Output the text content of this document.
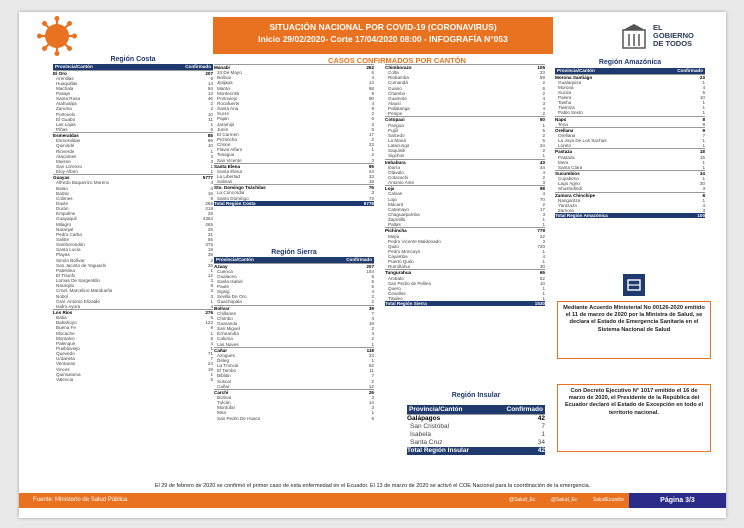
SITUACIÓN NACIONAL POR COVID-19 (CORONAVIRUS)
Inicio 29/02/2020- Corte 17/04/2020 08:00 - INFOGRAFÍA N°053
EL
GOBIERNO
DE TODOS
CASOS CONFIRMADOS POR CANTÓN
Región Costa
Región Sierra
Región Amazónica
Región Insular
Provincia/Cantón	Confirmado
El Oro	207
Arenillas	9
Huaquillas	14
Machala	94
Pasaje	13
Santa Rosa	46
Atahualpa	2
Zaruma	2
Portovelo	10
El Guabo	11
Las Lajas	1
Piñas	5
Esmeraldas	85
Esmeraldas	66
Quinindé	10
Rioverde	1
Atacames	3
Muisne	3
San Lorenzo	1
Eloy Alfaro	1
Guayas	5777
Alfredo Baquerizo Moreno	4
Balao	4
Balzar	16
Colimes	8
Daule	268
Durán	218
Empalme	29
Guayaquil	4354
Milagro	265
Naranjal	25
Pedro Carbo	31
Salitre	55
Samborondón	375
Santa Lucía	19
Playas	35
Simón Bolívar	2
San Jacinto de Yaguachi	28
Palestina	1
El Triunfo	12
Lomas De Sargentillo	3
Naranjito	8
Crnel. Marcelino Maridueña	3
Nobol	3
Gral. Antonio Elizalde	1
Isidro Ayora	4
Los Ríos	276
Baba	6
Babahoyo	122
Buena Fe	9
Mocache	1
Montalvo	6
Palenque	4
Puebloviejo	1
Quevedo	71
Urdaneta	7
Ventanas	24
Vinces	19
Quinsaloma	1
Valencia	5
Manabí	262
24 De Mayo	6
Bolívar	4
Jipijapa	14
Manta	68
Montecristi	9
Portoviejo	90
Rocafuerte	4
Santa Ana	8
Sucre	2
Pajan	6
Jaramijó	3
Junín	5
El Carmen	17
Pichincha	2
Chone	23
Flavio Alfaro	1
Tosagua	2
San Vicente	3
Santa Elena	95
Santa Elena	44
La Libertad	33
Salinas	18
Sto. Domingo Tsáchilas	76
La Concordia	3
Santo Domingo	73
Total Región Costa	6778
Provincia/Cantón	Confirmado
Azuay	207
Cuenca	184
Gualaceo	5
Santa Isabel	5
Paute	5
Sigsig	4
Sevilla De Oro	2
Guachapala	2
Bolívar	39
Chillanes	7
Chimbo	4
Guaranda	19
San Miguel	2
Echeandía	4
Caluma	2
Las Naves	1
Cañar	118
Azogues	23
Déleg	1
La Troncal	62
El Tambo	11
Biblián	7
Suscal	2
Cañar	12
Carchi	26
Bolívar	3
Tulcán	14
Montúfar	3
Mira	1
San Pedro De Huaca	5
Chimborazo	105
Colta	23
Riobamba	59
Cumandá	2
Guano	6
Chambo	2
Guamote	4
Alausí	3
Pallatanga	4
Penipe	2
Cotopaxi	50
Pangua	1
Pujilí	5
Salcedo	2
La Maná	5
Latacunga	34
Saquisilí	2
Sigchos	1
Imbabura	43
Ibarra	34
Otavalo	4
Cotacachi	2
Antonio Ante	3
Loja	98
Calvas	4
Loja	70
Macará	2
Catamayo	17
Chaguarpamba	3
Zapotillo	1
Paltas	1
Pichincha	779
Mejía	22
Pedro Vicente Maldonado	3
Quito	720
Pedro Moncayo	1
Cayambe	4
Puerto Quito	1
Rumiñahui	30
Tungurahua	65
Ambato	52
San Pedro de Pelileo	10
Quero	1
Cevallos	1
Tisaleo	1
Total Región Sierra	1530
Provincia/Cantón	Confirmado
Morona Santiago	23
Gualaquiza	1
Morona	4
Sucúa	5
Palora	10
Taisha	1
Tiwintza	1
Pablo Sexto	1
Napo	8
Tena	8
Orellana	9
Orellana	7
La Joya De Los Sachas	1
Loreto	1
Pastaza	18
Pastaza	16
Mera	1
Santa Clara	1
Sucumbíos	34
Cuyabeno	1
Lago Agrio	30
Shushufindi	3
Zamora Chinchipe	8
Nangaritza	1
Yantzaza	4
Zamora	3
Total Región Amazónica	100
Provincia/Cantón	Confirmado
Galápagos	42
San Cristóbal	7
Isabela	1
Santa Cruz	34
Total Región Insular	42
Mediante Acuerdo Ministerial No 00126-2020 emitido el 11 de marzo de 2020 por la Ministra de Salud, se declara el Estado de Emergencia Sanitaria en el Sistema Nacional de Salud
Con Decreto Ejecutivo N° 1017 emitido el 16 de marzo de 2020, el Presidente de la República del Ecuador declaró el Estado de Excepción en todo el territorio nacional.
El 29 de febrero de 2020 se confirmó el primer caso de esta enfermedad en el Ecuador. El 13 de marzo de 2020 se activó el COE Nacional para la coordinación de la emergencia.
Fuente: Ministerio de Salud Pública	@Salud_Ec	@Salud_Ec	SaludEcuador	Página 3/3
